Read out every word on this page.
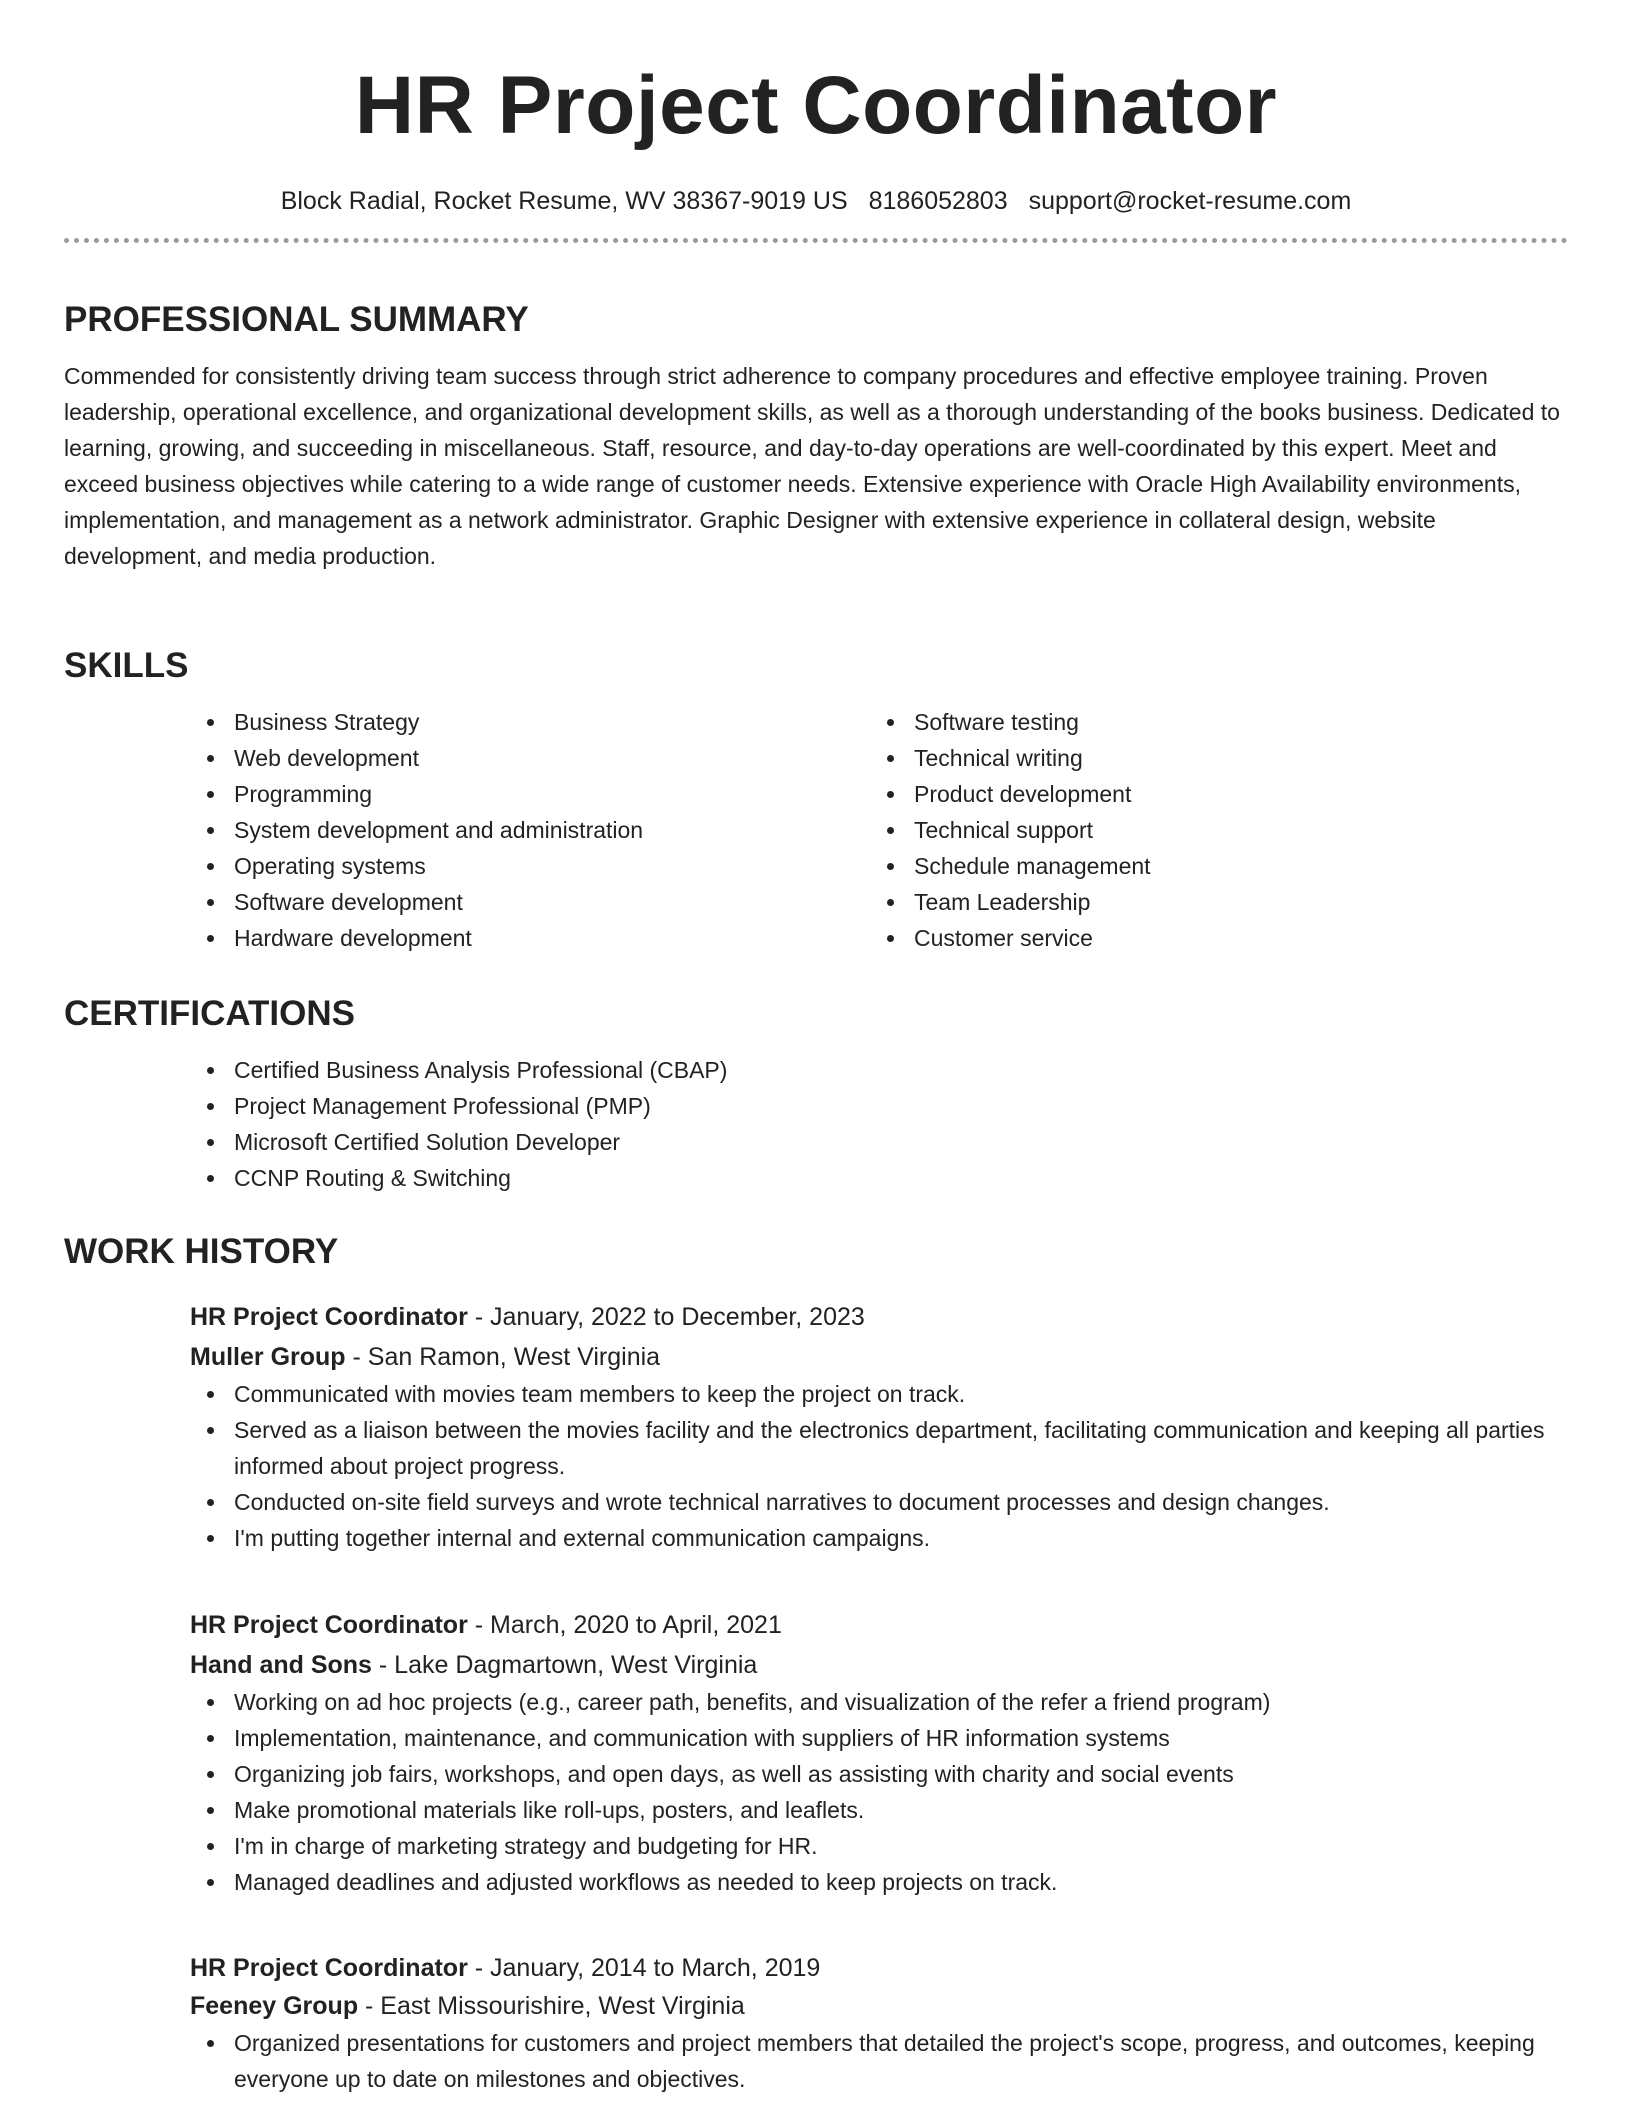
HR Project Coordinator
Block Radial, Rocket Resume, WV 38367-9019 US 8186052803 support@rocket-resume.com
PROFESSIONAL SUMMARY

Commended for consistently driving team success through strict adherence to company procedures and effective employee training. Proven leadership, operational excellence, and organizational development skills, as well as a thorough understanding of the books business. Dedicated to learning, growing, and succeeding in miscellaneous. Staff, resource, and day-to-day operations are well-coordinated by this expert. Meet and exceed business objectives while catering to a wide range of customer needs. Extensive experience with Oracle High Availability environments, implementation, and management as a network administrator. Graphic Designer with extensive experience in collateral design, website development, and media production.

SKILLS
Business Strategy
Web development
Programming
System development and administration
Operating systems
Software development
Hardware development
Software testing
Technical writing
Product development
Technical support
Schedule management
Team Leadership
Customer service
CERTIFICATIONS
Certified Business Analysis Professional (CBAP)
Project Management Professional (PMP)
Microsoft Certified Solution Developer
CCNP Routing & Switching
WORK HISTORY
HR Project Coordinator - January, 2022 to December, 2023
Muller Group - San Ramon, West Virginia
Communicated with movies team members to keep the project on track.
Served as a liaison between the movies facility and the electronics department, facilitating communication and keeping all parties informed about project progress.
Conducted on-site field surveys and wrote technical narratives to document processes and design changes.
I'm putting together internal and external communication campaigns.
HR Project Coordinator - March, 2020 to April, 2021
Hand and Sons - Lake Dagmartown, West Virginia
Working on ad hoc projects (e.g., career path, benefits, and visualization of the refer a friend program)
Implementation, maintenance, and communication with suppliers of HR information systems
Organizing job fairs, workshops, and open days, as well as assisting with charity and social events
Make promotional materials like roll-ups, posters, and leaflets.
I'm in charge of marketing strategy and budgeting for HR.
Managed deadlines and adjusted workflows as needed to keep projects on track.
HR Project Coordinator - January, 2014 to March, 2019
Feeney Group - East Missourishire, West Virginia
Organized presentations for customers and project members that detailed the project's scope, progress, and outcomes, keeping everyone up to date on milestones and objectives.
